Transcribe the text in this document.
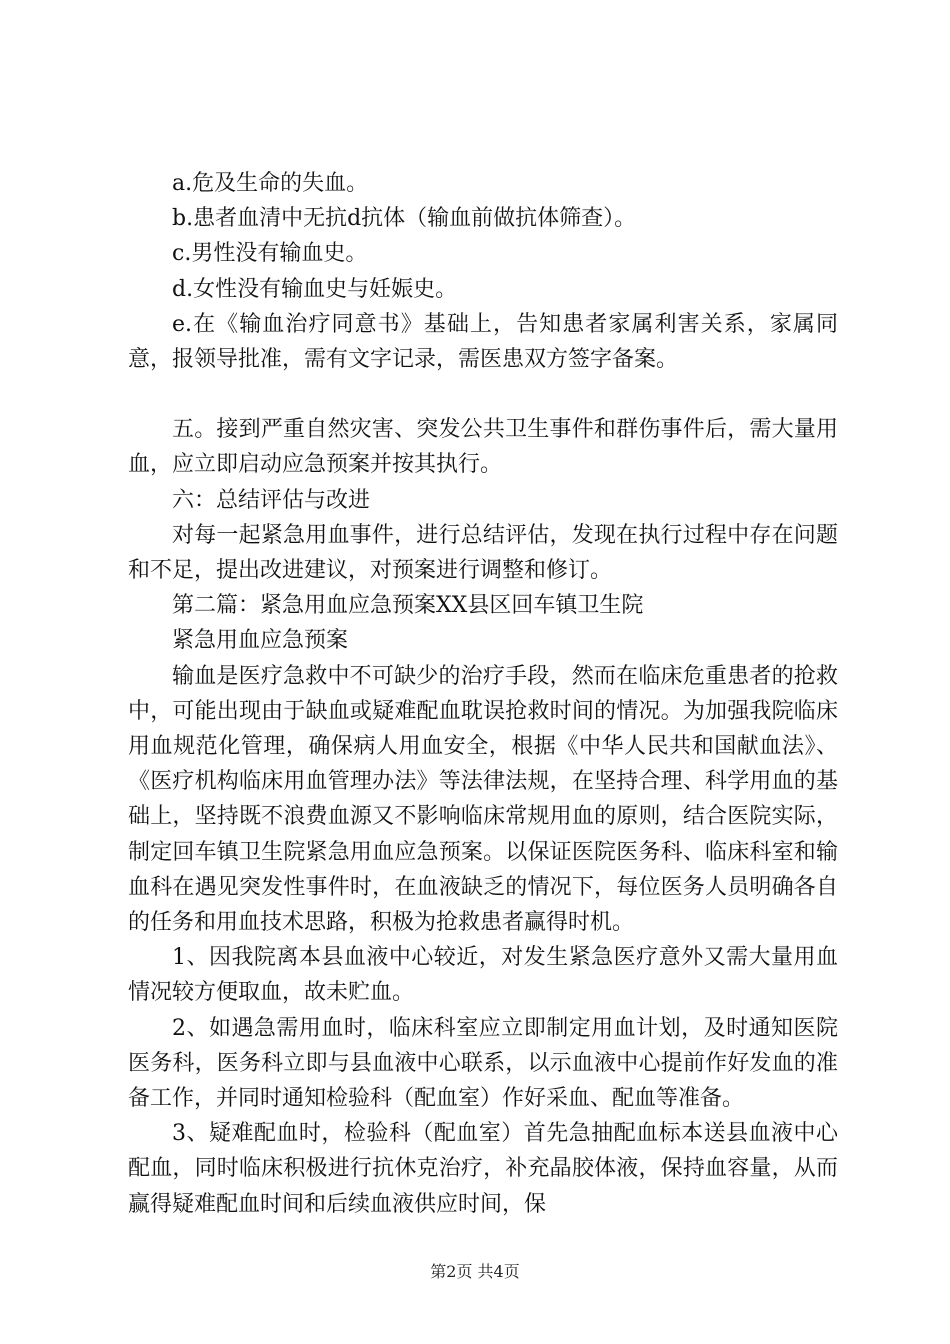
a.危及生命的失血。

b.患者血清中无抗d抗体（输血前做抗体筛查）。

c.男性没有输血史。

d.女性没有输血史与妊娠史。

e.在《输血治疗同意书》基础上，告知患者家属利害关系，家属同意，报领导批准，需有文字记录，需医患双方签字备案。

五。接到严重自然灾害、突发公共卫生事件和群伤事件后，需大量用血，应立即启动应急预案并按其执行。

六：总结评估与改进

对每一起紧急用血事件，进行总结评估，发现在执行过程中存在问题和不足，提出改进建议，对预案进行调整和修订。

第二篇：紧急用血应急预案XX县区回车镇卫生院

紧急用血应急预案

输血是医疗急救中不可缺少的治疗手段，然而在临床危重患者的抢救中，可能出现由于缺血或疑难配血耽误抢救时间的情况。为加强我院临床用血规范化管理，确保病人用血安全，根据《中华人民共和国献血法》、《医疗机构临床用血管理办法》等法律法规，在坚持合理、科学用血的基础上，坚持既不浪费血源又不影响临床常规用血的原则，结合医院实际，制定回车镇卫生院紧急用血应急预案。以保证医院医务科、临床科室和输血科在遇见突发性事件时，在血液缺乏的情况下，每位医务人员明确各自的任务和用血技术思路，积极为抢救患者赢得时机。

1、因我院离本县血液中心较近，对发生紧急医疗意外又需大量用血情况较方便取血，故未贮血。

2、如遇急需用血时，临床科室应立即制定用血计划，及时通知医院医务科，医务科立即与县血液中心联系，以示血液中心提前作好发血的准备工作，并同时通知检验科（配血室）作好采血、配血等准备。

3、疑难配血时，检验科（配血室）首先急抽配血标本送县血液中心配血，同时临床积极进行抗休克治疗，补充晶胶体液，保持血容量，从而赢得疑难配血时间和后续血液供应时间，保

第2页 共4页
